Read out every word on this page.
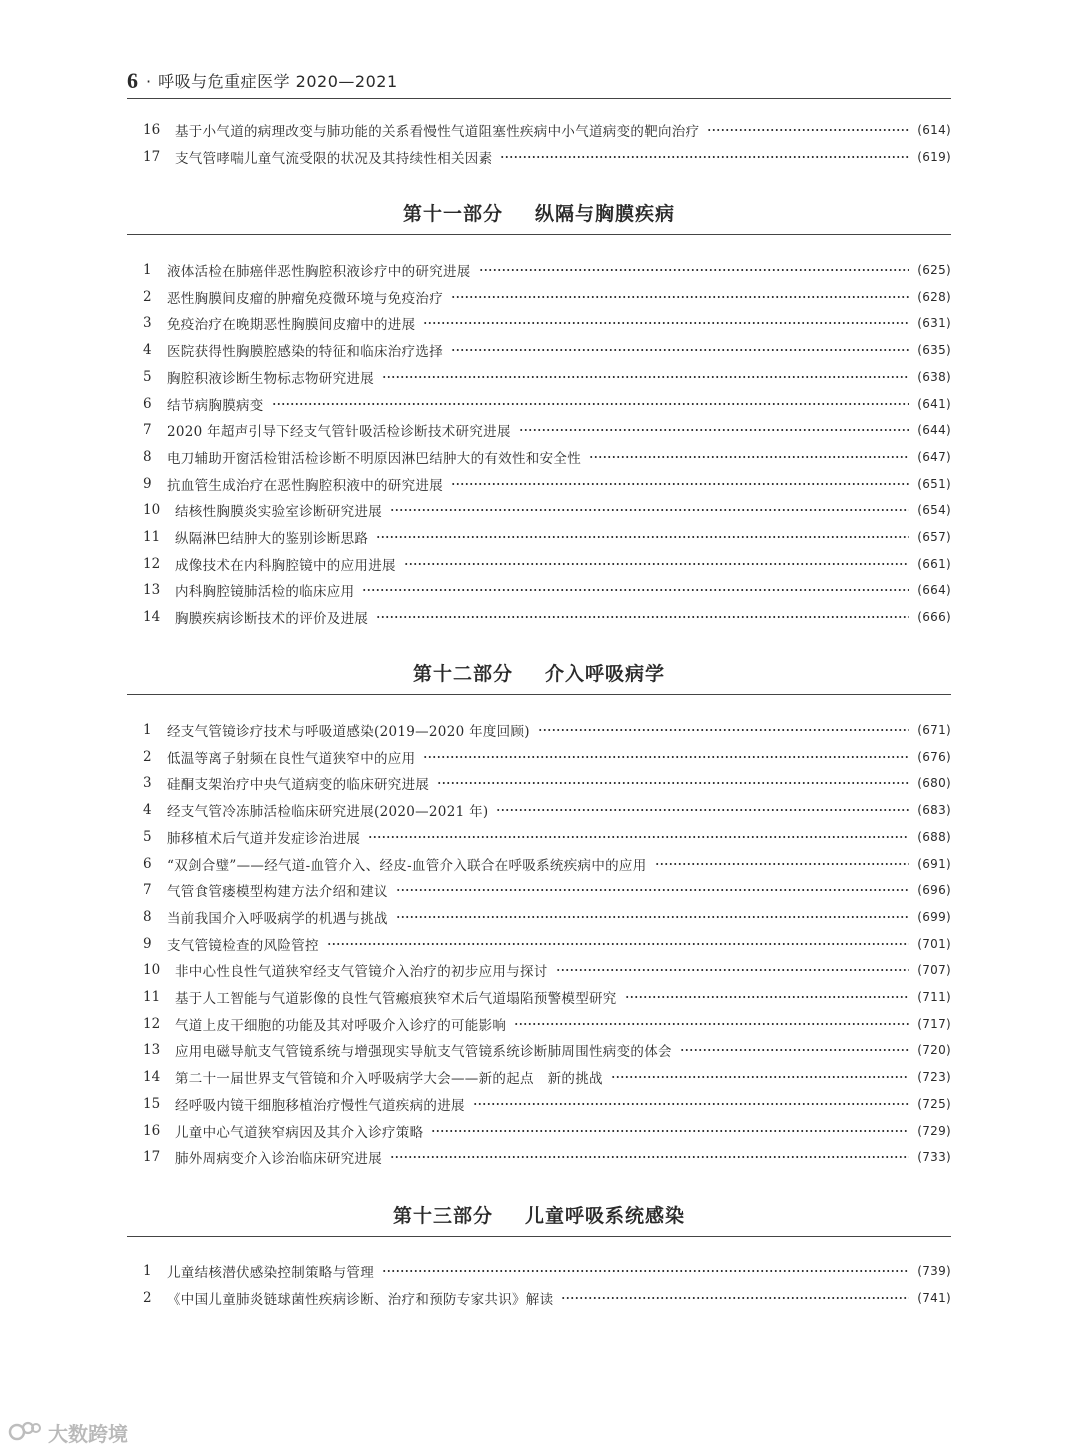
6 · 呼吸与危重症医学 2020—2021
16	基于小气道的病理改变与肺功能的关系看慢性气道阻塞性疾病中小气道病变的靶向治疗	(614)
17	支气管哮喘儿童气流受限的状况及其持续性相关因素	(619)
第十一部分　 纵隔与胸膜疾病
1	液体活检在肺癌伴恶性胸腔积液诊疗中的研究进展	(625)
2	恶性胸膜间皮瘤的肿瘤免疫微环境与免疫治疗	(628)
3	免疫治疗在晚期恶性胸膜间皮瘤中的进展	(631)
4	医院获得性胸膜腔感染的特征和临床治疗选择	(635)
5	胸腔积液诊断生物标志物研究进展	(638)
6	结节病胸膜病变	(641)
7	2020 年超声引导下经支气管针吸活检诊断技术研究进展	(644)
8	电刀辅助开窗活检钳活检诊断不明原因淋巴结肿大的有效性和安全性	(647)
9	抗血管生成治疗在恶性胸腔积液中的研究进展	(651)
10	结核性胸膜炎实验室诊断研究进展	(654)
11	纵隔淋巴结肿大的鉴别诊断思路	(657)
12	成像技术在内科胸腔镜中的应用进展	(661)
13	内科胸腔镜肺活检的临床应用	(664)
14	胸膜疾病诊断技术的评价及进展	(666)
第十二部分　 介入呼吸病学
1	经支气管镜诊疗技术与呼吸道感染(2019—2020 年度回顾)	(671)
2	低温等离子射频在良性气道狭窄中的应用	(676)
3	硅酮支架治疗中央气道病变的临床研究进展	(680)
4	经支气管冷冻肺活检临床研究进展(2020—2021 年)	(683)
5	肺移植术后气道并发症诊治进展	(688)
6	“双剑合璧”——经气道-血管介入、经皮-血管介入联合在呼吸系统疾病中的应用	(691)
7	气管食管瘘模型构建方法介绍和建议	(696)
8	当前我国介入呼吸病学的机遇与挑战	(699)
9	支气管镜检查的风险管控	(701)
10	非中心性良性气道狭窄经支气管镜介入治疗的初步应用与探讨	(707)
11	基于人工智能与气道影像的良性气管瘢痕狭窄术后气道塌陷预警模型研究	(711)
12	气道上皮干细胞的功能及其对呼吸介入诊疗的可能影响	(717)
13	应用电磁导航支气管镜系统与增强现实导航支气管镜系统诊断肺周围性病变的体会	(720)
14	第二十一届世界支气管镜和介入呼吸病学大会——新的起点　新的挑战	(723)
15	经呼吸内镜干细胞移植治疗慢性气道疾病的进展	(725)
16	儿童中心气道狭窄病因及其介入诊疗策略	(729)
17	肺外周病变介入诊治临床研究进展	(733)
第十三部分　 儿童呼吸系统感染
1	儿童结核潜伏感染控制策略与管理	(739)
2	《中国儿童肺炎链球菌性疾病诊断、治疗和预防专家共识》解读	(741)
大数跨境
